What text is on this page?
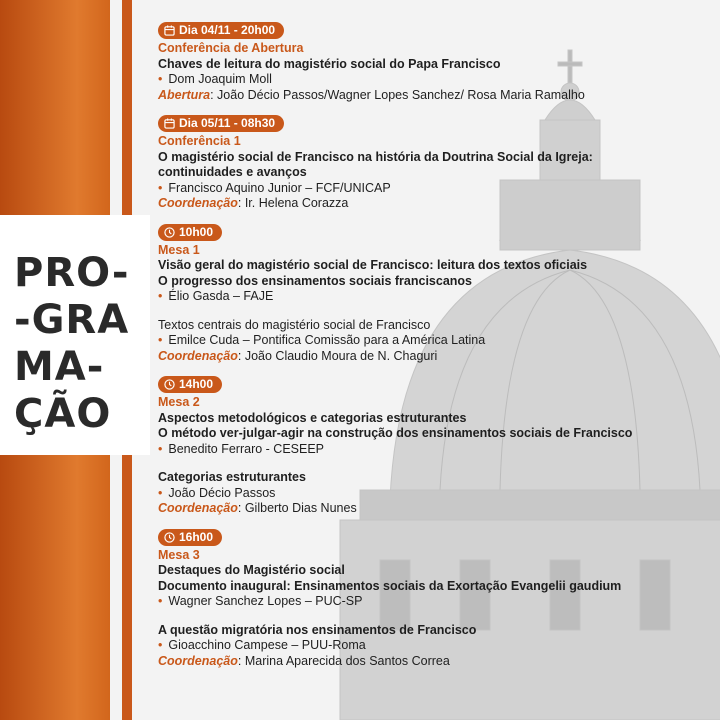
PRO-
-GRA
MA-
ÇÃO
Dia 04/11 - 20h00
Conferência de Abertura
Chaves de leitura do magistério social do Papa Francisco
• Dom Joaquim Moll
Abertura: João Décio Passos/Wagner Lopes Sanchez/ Rosa Maria Ramalho
Dia 05/11 - 08h30
Conferência 1
O magistério social de Francisco na história da Doutrina Social da Igreja:
continuidades e avanços
• Francisco Aquino Junior – FCF/UNICAP
Coordenação: Ir. Helena Corazza
10h00
Mesa 1
Visão geral do magistério social de Francisco: leitura dos textos oficiais
O progresso dos ensinamentos sociais franciscanos
• Élio Gasda – FAJE
Textos centrais do magistério social de Francisco
• Emilce Cuda – Pontifica Comissão para a América Latina
Coordenação: João Claudio Moura de N. Chaguri
14h00
Mesa 2
Aspectos metodológicos e categorias estruturantes
O método ver-julgar-agir na construção dos ensinamentos sociais de Francisco
• Benedito Ferraro - CESEEP
Categorias estruturantes
• João Décio Passos
Coordenação: Gilberto Dias Nunes
16h00
Mesa 3
Destaques do Magistério social
Documento inaugural: Ensinamentos sociais da Exortação Evangelii gaudium
• Wagner Sanchez Lopes – PUC-SP
A questão migratória nos ensinamentos de Francisco
• Gioacchino Campese – PUU-Roma
Coordenação: Marina Aparecida dos Santos Correa
